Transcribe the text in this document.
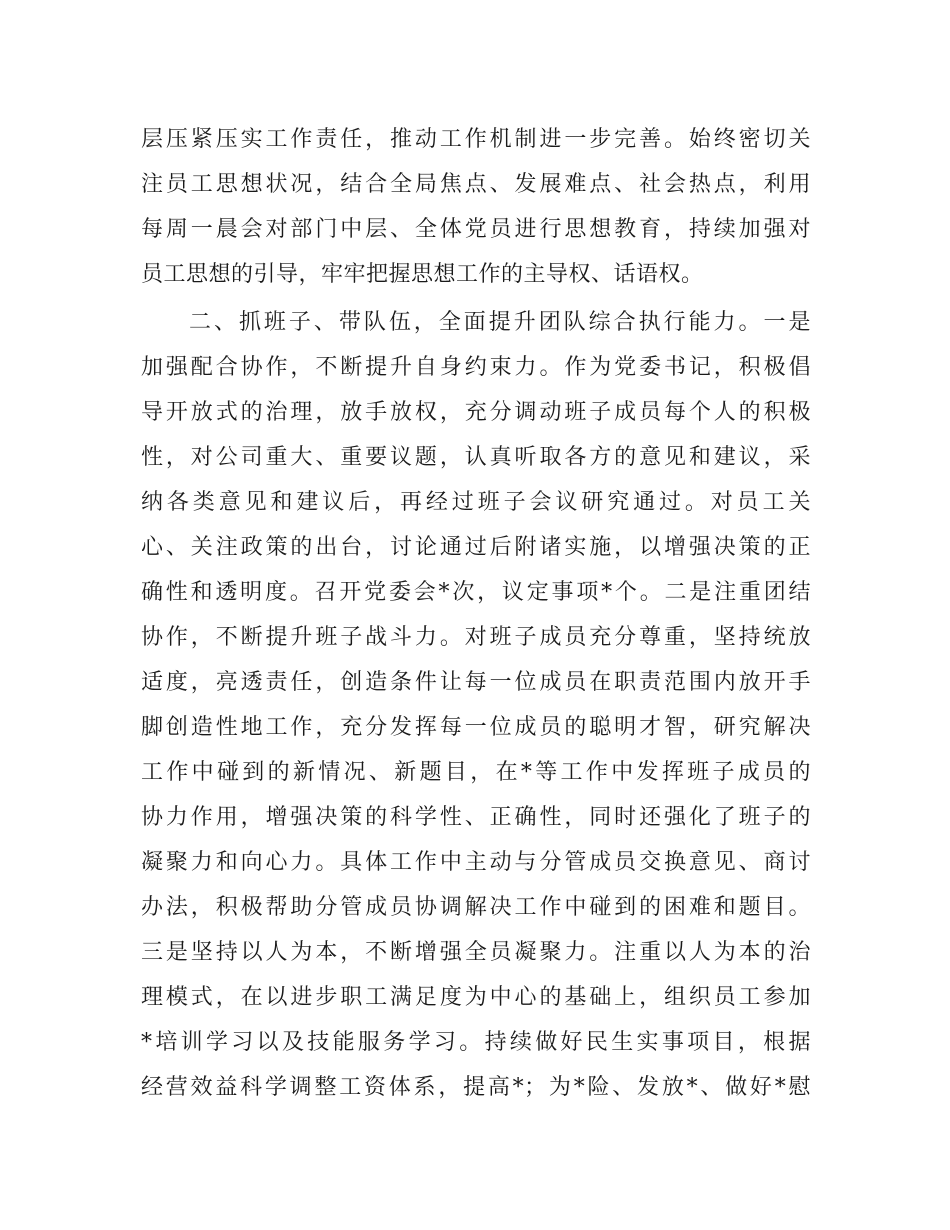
层压紧压实工作责任，推动工作机制进一步完善。始终密切关
注员工思想状况，结合全局焦点、发展难点、社会热点，利用
每周一晨会对部门中层、全体党员进行思想教育，持续加强对
员工思想的引导，牢牢把握思想工作的主导权、话语权。
二、抓班子、带队伍，全面提升团队综合执行能力。一是
加强配合协作，不断提升自身约束力。作为党委书记，积极倡
导开放式的治理，放手放权，充分调动班子成员每个人的积极
性，对公司重大、重要议题，认真听取各方的意见和建议，采
纳各类意见和建议后，再经过班子会议研究通过。对员工关
心、关注政策的出台，讨论通过后附诸实施，以增强决策的正
确性和透明度。召开党委会*次，议定事项*个。二是注重团结
协作，不断提升班子战斗力。对班子成员充分尊重，坚持统放
适度，亮透责任，创造条件让每一位成员在职责范围内放开手
脚创造性地工作，充分发挥每一位成员的聪明才智，研究解决
工作中碰到的新情况、新题目，在*等工作中发挥班子成员的
协力作用，增强决策的科学性、正确性，同时还强化了班子的
凝聚力和向心力。具体工作中主动与分管成员交换意见、商讨
办法，积极帮助分管成员协调解决工作中碰到的困难和题目。
三是坚持以人为本，不断增强全员凝聚力。注重以人为本的治
理模式，在以进步职工满足度为中心的基础上，组织员工参加
*培训学习以及技能服务学习。持续做好民生实事项目，根据
经营效益科学调整工资体系，提高*；为*险、发放*、做好*慰
